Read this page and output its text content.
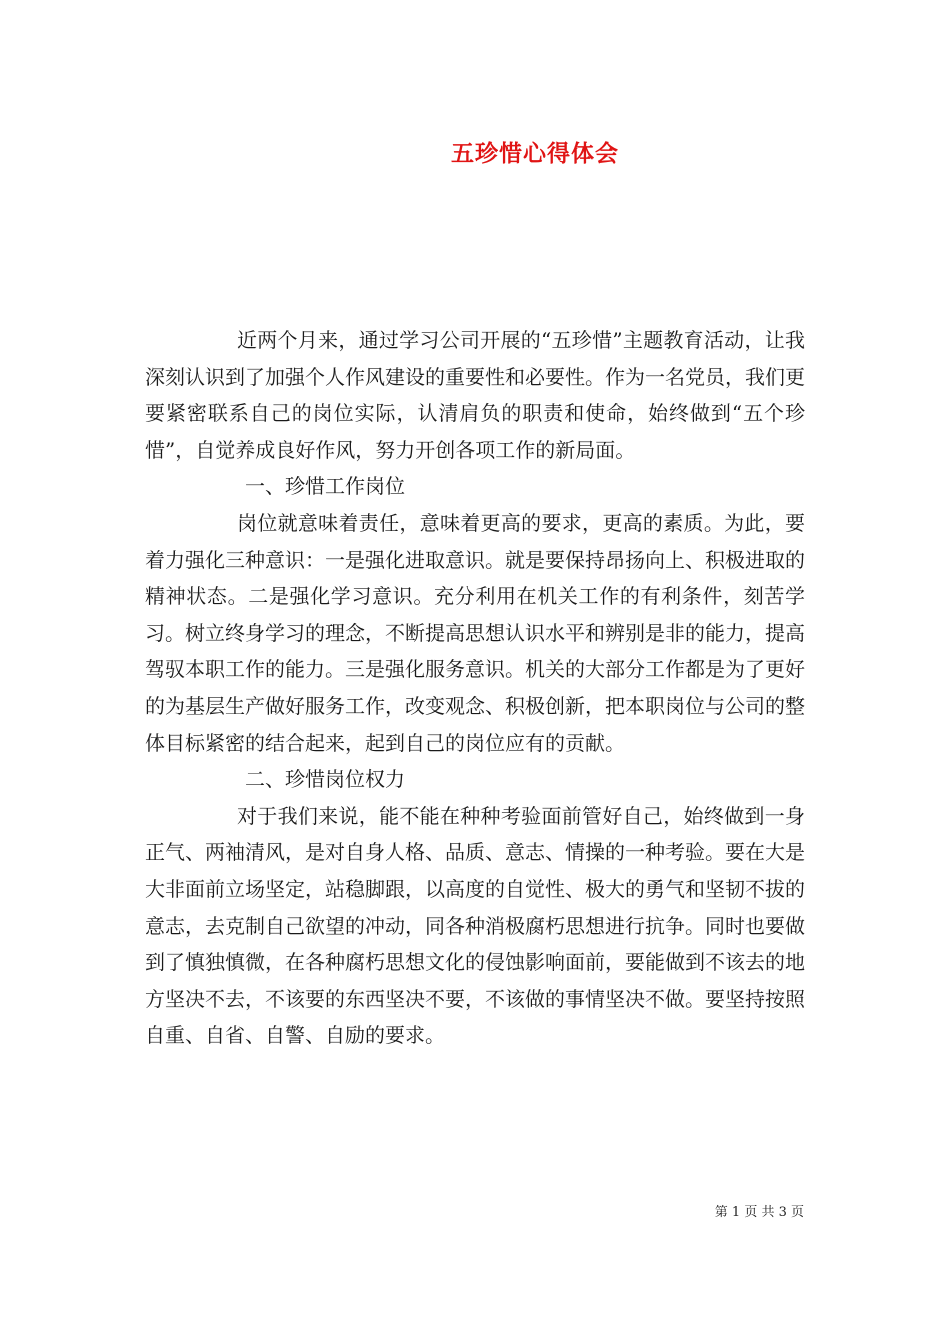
五珍惜心得体会

近两个月来，通过学习公司开展的“五珍惜”主题教育活动，让我深刻认识到了加强个人作风建设的重要性和必要性。作为一名党员，我们更要紧密联系自己的岗位实际，认清肩负的职责和使命，始终做到“五个珍惜”，自觉养成良好作风，努力开创各项工作的新局面。

一、珍惜工作岗位

岗位就意味着责任，意味着更高的要求，更高的素质。为此，要着力强化三种意识：一是强化进取意识。就是要保持昂扬向上、积极进取的精神状态。二是强化学习意识。充分利用在机关工作的有利条件，刻苦学习。树立终身学习的理念，不断提高思想认识水平和辨别是非的能力，提高驾驭本职工作的能力。三是强化服务意识。机关的大部分工作都是为了更好的为基层生产做好服务工作，改变观念、积极创新，把本职岗位与公司的整体目标紧密的结合起来，起到自己的岗位应有的贡献。

二、珍惜岗位权力

对于我们来说，能不能在种种考验面前管好自己，始终做到一身正气、两袖清风，是对自身人格、品质、意志、情操的一种考验。要在大是大非面前立场坚定，站稳脚跟，以高度的自觉性、极大的勇气和坚韧不拔的意志，去克制自己欲望的冲动，同各种消极腐朽思想进行抗争。同时也要做到了慎独慎微，在各种腐朽思想文化的侵蚀影响面前，要能做到不该去的地方坚决不去，不该要的东西坚决不要，不该做的事情坚决不做。要坚持按照自重、自省、自警、自励的要求。

第 1 页 共 3 页
